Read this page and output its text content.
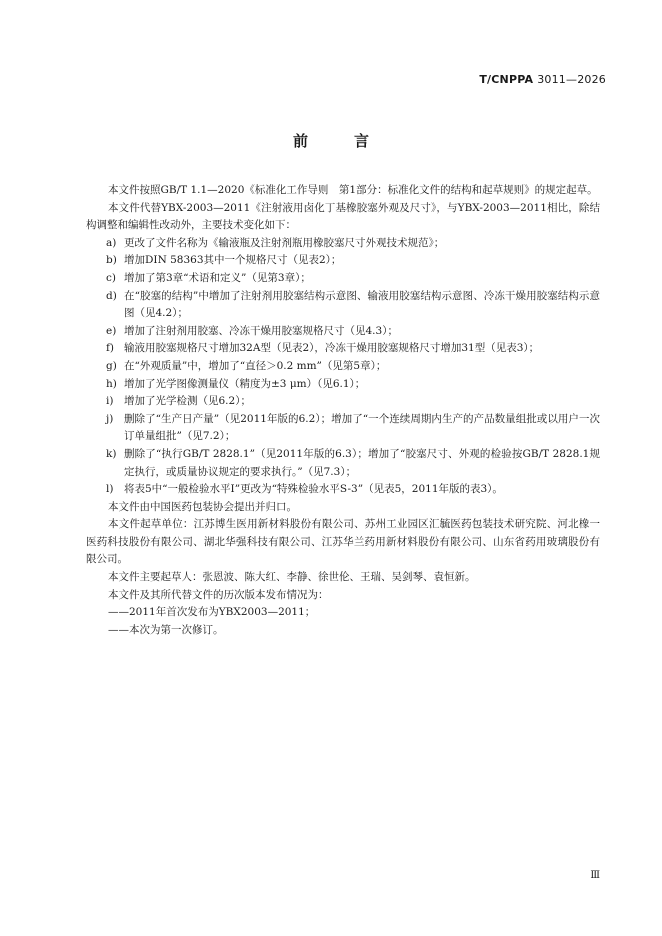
T/CNPPA 3011—2026
前言

本文件按照GB/T 1.1—2020《标准化工作导则　第1部分：标准化文件的结构和起草规则》的规定起草。

本文件代替YBX-2003—2011《注射液用卤化丁基橡胶塞外观及尺寸》，与YBX-2003—2011相比，除结构调整和编辑性改动外，主要技术变化如下：

a) 更改了文件名称为《输液瓶及注射剂瓶用橡胶塞尺寸外观技术规范》；

b) 增加DIN 58363其中一个规格尺寸（见表2）；

c) 增加了第3章“术语和定义”（见第3章）；

d) 在“胶塞的结构”中增加了注射剂用胶塞结构示意图、输液用胶塞结构示意图、冷冻干燥用胶塞结构示意图（见4.2）；

e) 增加了注射剂用胶塞、冷冻干燥用胶塞规格尺寸（见4.3）；

f) 输液用胶塞规格尺寸增加32A型（见表2），冷冻干燥用胶塞规格尺寸增加31型（见表3）；

g) 在“外观质量”中，增加了“直径＞0.2 mm”（见第5章）；

h) 增加了光学图像测量仪（精度为±3 μm）（见6.1）；

i) 增加了光学检测（见6.2）；

j) 删除了“生产日产量”（见2011年版的6.2）；增加了“一个连续周期内生产的产品数量组批或以用户一次订单量组批”（见7.2）；

k) 删除了“执行GB/T 2828.1”（见2011年版的6.3）；增加了“胶塞尺寸、外观的检验按GB/T 2828.1规定执行，或质量协议规定的要求执行。”（见7.3）；

l) 将表5中“一般检验水平Ⅰ”更改为“特殊检验水平S-3”（见表5，2011年版的表3）。

本文件由中国医药包装协会提出并归口。

本文件起草单位：江苏博生医用新材料股份有限公司、苏州工业园区汇毓医药包装技术研究院、河北橡一医药科技股份有限公司、湖北华强科技有限公司、江苏华兰药用新材料股份有限公司、山东省药用玻璃股份有限公司。

本文件主要起草人：张恩波、陈大红、李静、徐世伦、王瑞、吴剑琴、袁恒新。

本文件及其所代替文件的历次版本发布情况为：

——2011年首次发布为YBX2003—2011；

——本次为第一次修订。

Ⅲ
